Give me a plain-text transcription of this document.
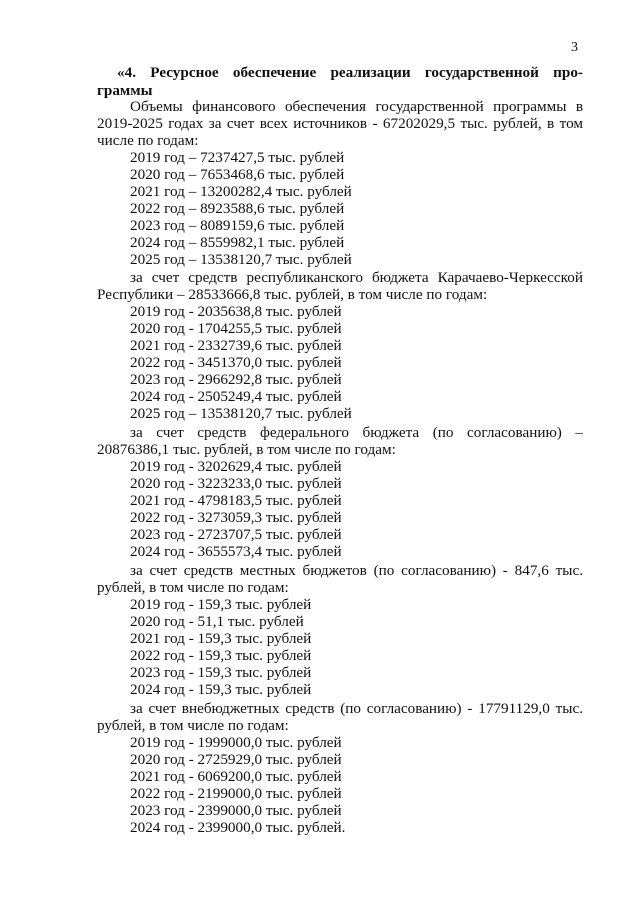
3
«4. Ресурсное обеспечение реализации государственной про-
граммы
Объемы финансового обеспечения государственной программы в
2019-2025 годах за счет всех источников - 67202029,5 тыс. рублей, в том
числе по годам:
2019 год – 7237427,5 тыс. рублей
2020 год – 7653468,6 тыс. рублей
2021 год – 13200282,4 тыс. рублей
2022 год – 8923588,6 тыс. рублей
2023 год – 8089159,6 тыс. рублей
2024 год – 8559982,1 тыс. рублей
2025 год – 13538120,7 тыс. рублей
за счет средств республиканского бюджета Карачаево-Черкесской
Республики – 28533666,8 тыс. рублей, в том числе по годам:
2019 год - 2035638,8 тыс. рублей
2020 год - 1704255,5 тыс. рублей
2021 год - 2332739,6 тыс. рублей
2022 год - 3451370,0 тыс. рублей
2023 год - 2966292,8 тыс. рублей
2024 год - 2505249,4 тыс. рублей
2025 год – 13538120,7 тыс. рублей
за счет средств федерального бюджета (по согласованию) –
20876386,1 тыс. рублей, в том числе по годам:
2019 год - 3202629,4 тыс. рублей
2020 год - 3223233,0 тыс. рублей
2021 год - 4798183,5 тыс. рублей
2022 год - 3273059,3 тыс. рублей
2023 год - 2723707,5 тыс. рублей
2024 год - 3655573,4 тыс. рублей
за счет средств местных бюджетов (по согласованию) - 847,6 тыс.
рублей, в том числе по годам:
2019 год - 159,3 тыс. рублей
2020 год - 51,1 тыс. рублей
2021 год - 159,3 тыс. рублей
2022 год - 159,3 тыс. рублей
2023 год - 159,3 тыс. рублей
2024 год - 159,3 тыс. рублей
за счет внебюджетных средств (по согласованию) - 17791129,0 тыс.
рублей, в том числе по годам:
2019 год - 1999000,0 тыс. рублей
2020 год - 2725929,0 тыс. рублей
2021 год - 6069200,0 тыс. рублей
2022 год - 2199000,0 тыс. рублей
2023 год - 2399000,0 тыс. рублей
2024 год - 2399000,0 тыс. рублей.
